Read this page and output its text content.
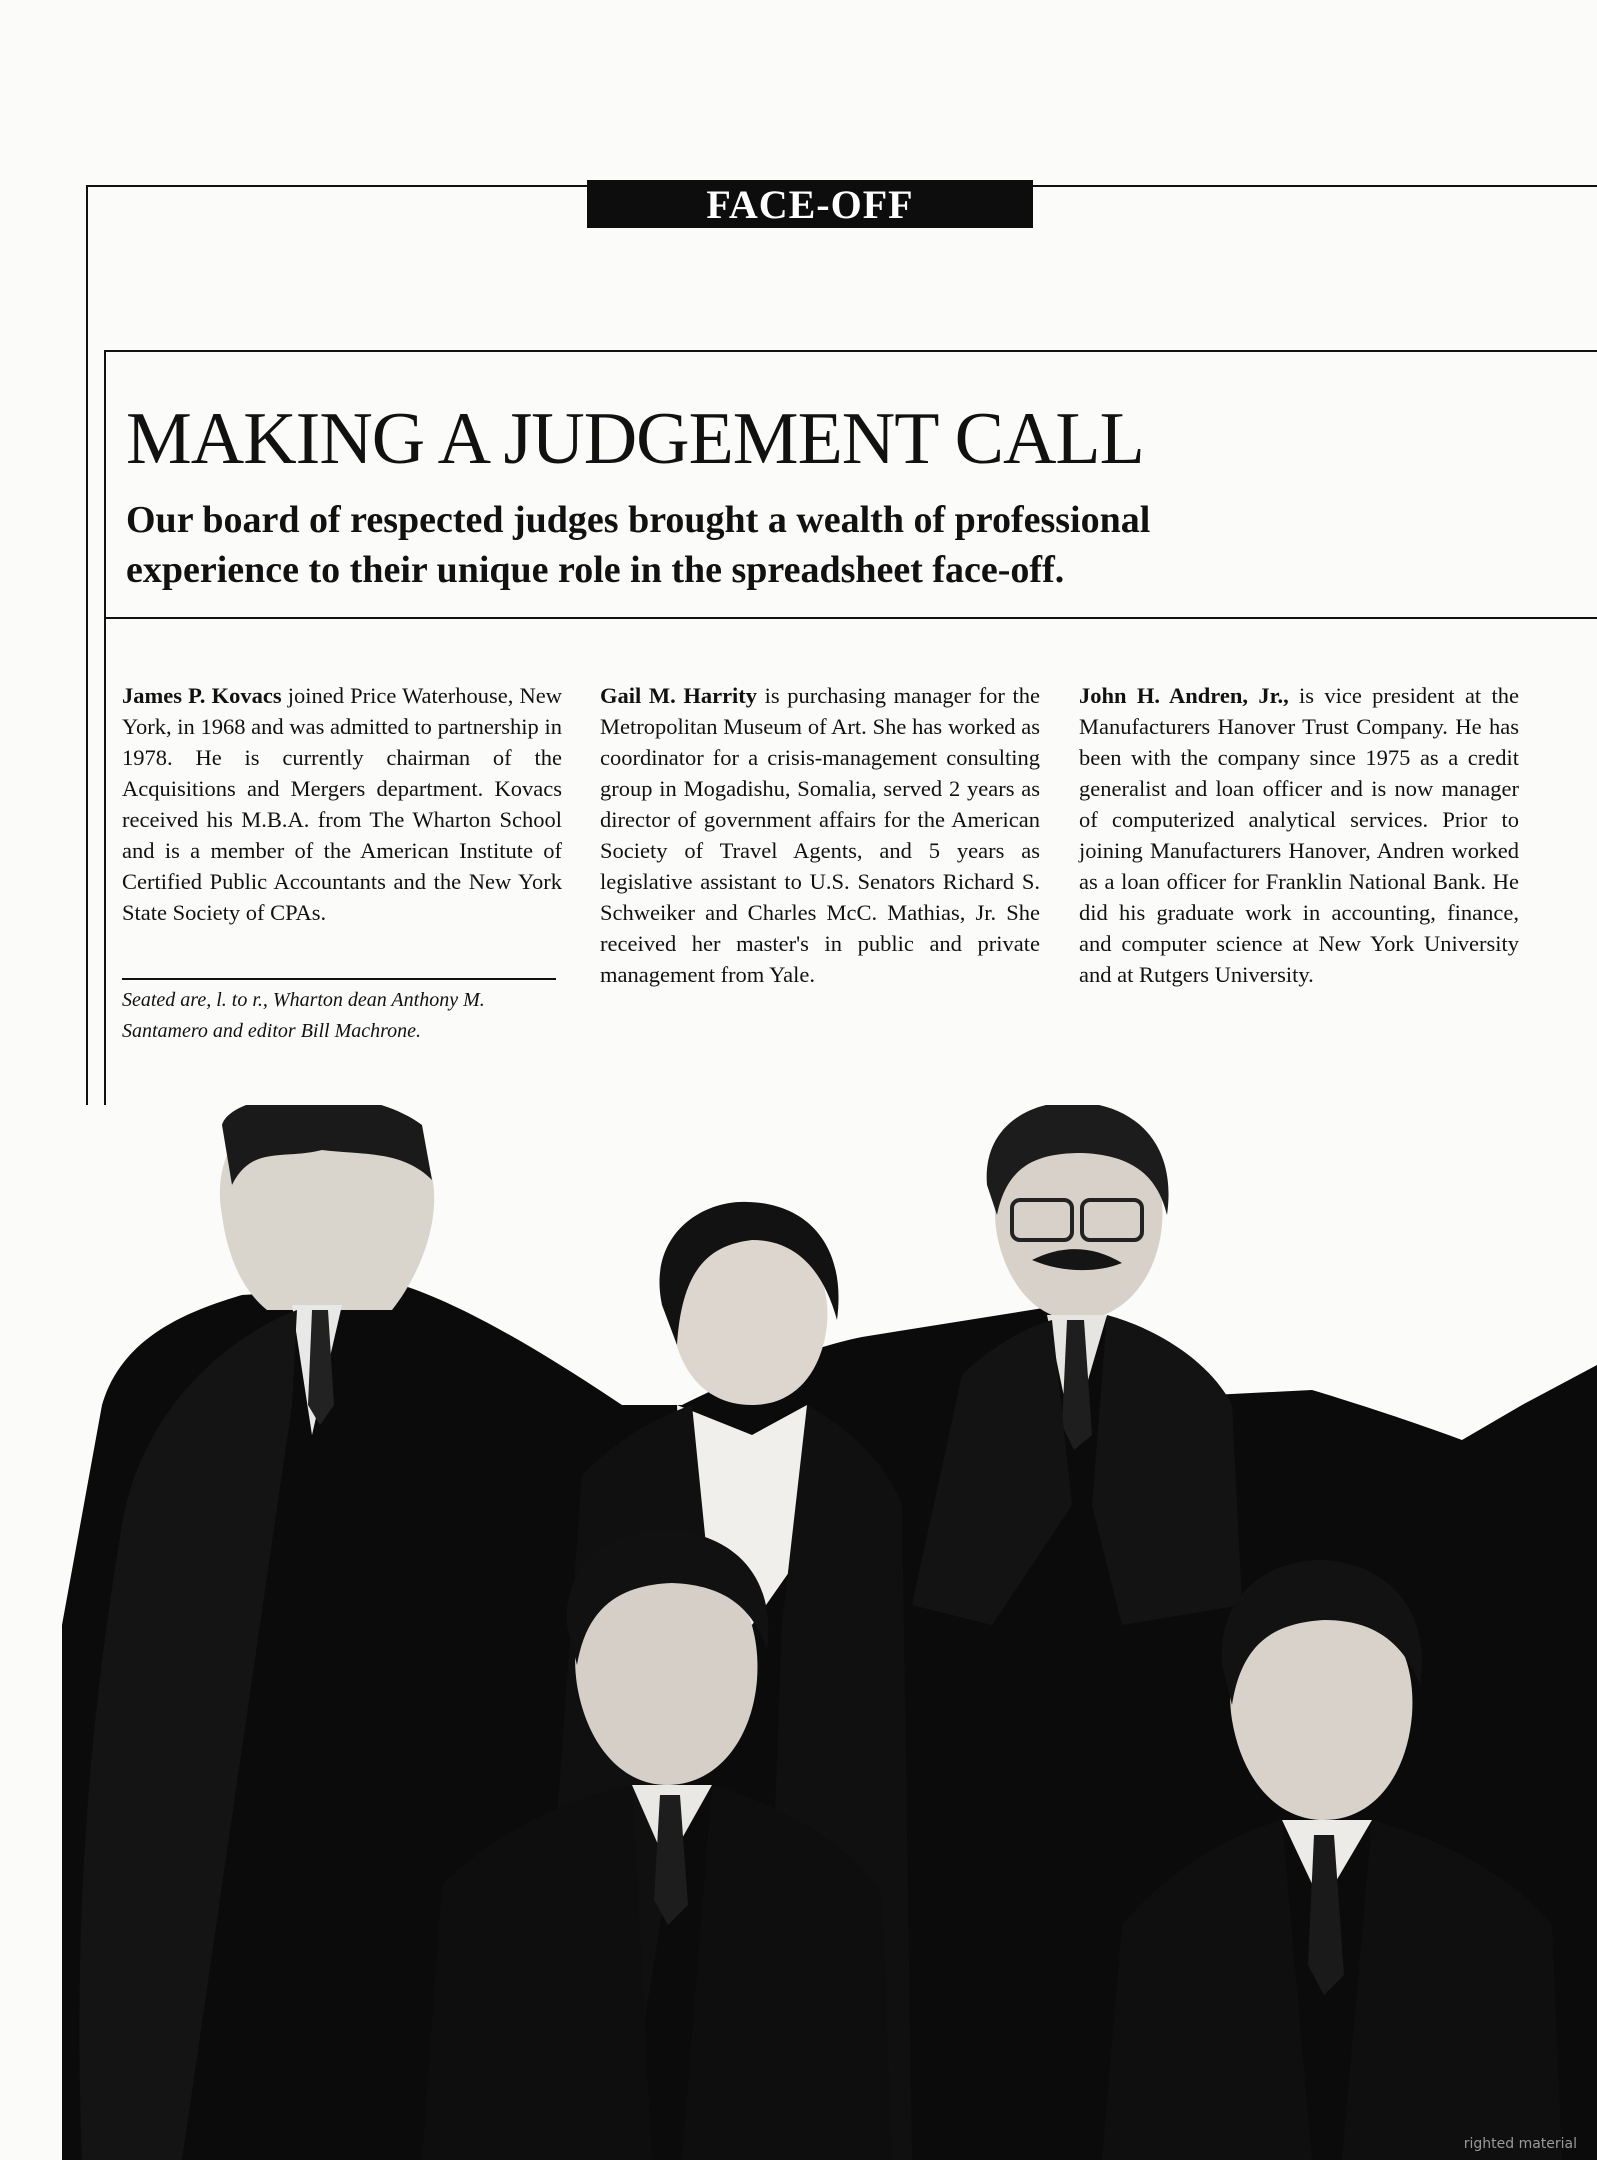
FACE-OFF
MAKING A JUDGEMENT CALL

Our board of respected judges brought a wealth of professional
experience to their unique role in the spreadsheet face-off.

James P. Kovacs joined Price Waterhouse, New York, in 1968 and was admitted to partnership in 1978. He is currently chairman of the Acquisitions and Mergers department. Kovacs received his M.B.A. from The Wharton School and is a member of the American Institute of Certified Public Accountants and the New York State Society of CPAs.
Seated are, l. to r., Wharton dean Anthony M. Santamero and editor Bill Machrone.
Gail M. Harrity is purchasing manager for the Metropolitan Museum of Art. She has worked as coordinator for a crisis-management consulting group in Mogadishu, Somalia, served 2 years as director of government affairs for the American Society of Travel Agents, and 5 years as legislative assistant to U.S. Senators Richard S. Schweiker and Charles McC. Mathias, Jr. She received her master's in public and private management from Yale.
John H. Andren, Jr., is vice president at the Manufacturers Hanover Trust Company. He has been with the company since 1975 as a credit generalist and loan officer and is now manager of computerized analytical services. Prior to joining Manufacturers Hanover, Andren worked as a loan officer for Franklin National Bank. He did his graduate work in accounting, finance, and computer science at New York University and at Rutgers University.
righted material
